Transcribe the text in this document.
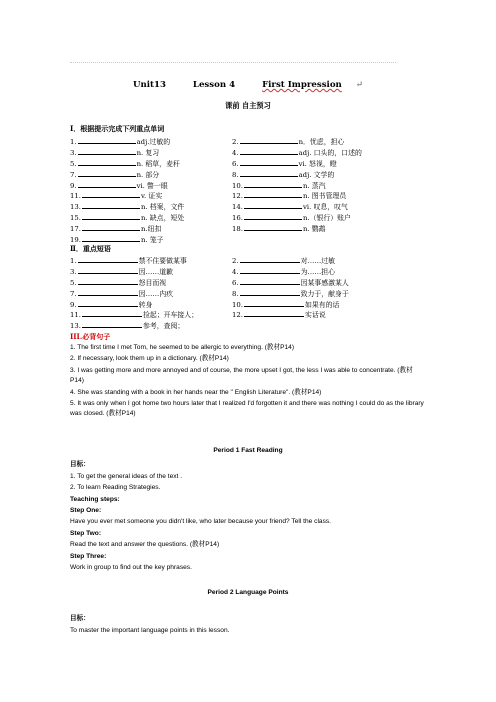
Unit13	Lesson 4	First Impression ↵
课前 自主预习
I．根据提示完成下列重点单词
1.	adj.过敏的	2.	n．忧虑，担心
3.	n. 复习	4.	adj. 口头的，口述的
5.	n. 稻草，麦秆	6.	vi. 怒视，瞪
7.	n. 部分	8.	adj. 文学的
9.	vi. 瞥一眼	10.	n. 蒸汽
11.	v. 证实	12.	n. 图书管理员
13.	n. 档案，文件	14.	vi. 叹息，叹气
15.	n. 缺点，短处	16.	n.（银行）账户
17.	n.纽扣	18.	n. 鹦鹉
19.	n. 笼子
Ⅱ．重点短语
1.	禁不住要做某事	2.	对……过敏
3.	因……道歉	4.	为……担心
5.	怒目而视	6.	因某事感激某人
7.	因……内疚	8.	致力于，献身于
9.	转身	10.	如果有的话
11.	捡起；开车接人；	12.	实话说
13.	参考，查阅；
III.必背句子

1. The first time I met Tom, he seemed to be allergic to everything. (教材P14)

2. If necessary, look them up in a dictionary. (教材P14)

3. I was getting more and more annoyed and of course, the more upset I got, the less I was able to concentrate. (教材P14)

4. She was standing with a book in her hands near the " English Literature". (教材P14)

5. It was only when I got home two hours later that I realized I'd forgotten it and there was nothing I could do as the library was closed. (教材P14)

Period 1 Fast Reading

目标：

1. To get the general ideas of the text .

2. To learn Reading Strategies.

Teaching steps:

Step One:

Have you ever met someone you didn't like, who later because your friend? Tell the class.

Step Two:

Read the text and answer the questions. (教材P14)

Step Three:

Work in group to find out the key phrases.

Period 2 Language Points

目标：

To master the important language points in this lesson.
